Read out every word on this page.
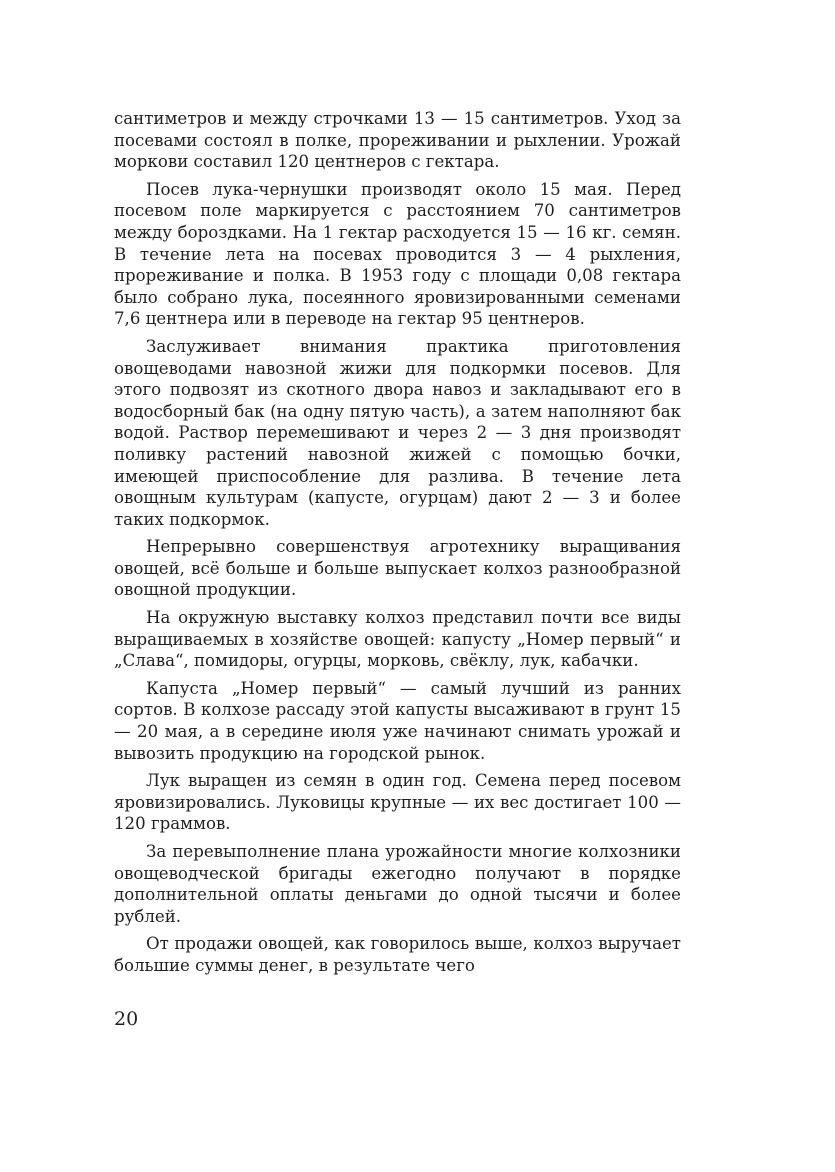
сантиметров и между строчками 13 — 15 сантиметров. Уход за посевами состоял в полке, прореживании и рыхлении. Урожай моркови составил 120 центнеров с гектара.

Посев лука-чернушки производят около 15 мая. Перед посевом поле маркируется с расстоянием 70 сантиметров между бороздками. На 1 гектар расходуется 15 — 16 кг. семян. В течение лета на посевах проводится 3 — 4 рыхления, прореживание и полка. В 1953 году с площади 0,08 гектара было собрано лука, посеянного яровизированными семенами 7,6 центнера или в переводе на гектар 95 центнеров.

Заслуживает внимания практика приготовления овощеводами навозной жижи для подкормки посевов. Для этого подвозят из скотного двора навоз и закладывают его в водосборный бак (на одну пятую часть), а затем наполняют бак водой. Раствор перемешивают и через 2 — 3 дня производят поливку растений навозной жижей с помощью бочки, имеющей приспособление для разлива. В течение лета овощным культурам (капусте, огурцам) дают 2 — 3 и более таких подкормок.

Непрерывно совершенствуя агротехнику выращивания овощей, всё больше и больше выпускает колхоз разнообразной овощной продукции.

На окружную выставку колхоз представил почти все виды выращиваемых в хозяйстве овощей: капусту „Номер первый“ и „Слава“, помидоры, огурцы, морковь, свёклу, лук, кабачки.

Капуста „Номер первый“ — самый лучший из ранних сортов. В колхозе рассаду этой капусты высаживают в грунт 15 — 20 мая, а в середине июля уже начинают снимать урожай и вывозить продукцию на городской рынок.

Лук выращен из семян в один год. Семена перед посевом яровизировались. Луковицы крупные — их вес достигает 100 — 120 граммов.

За перевыполнение плана урожайности многие колхозники овощеводческой бригады ежегодно получают в порядке дополнительной оплаты деньгами до одной тысячи и более рублей.

От продажи овощей, как говорилось выше, колхоз выручает большие суммы денег, в результате чего

20
